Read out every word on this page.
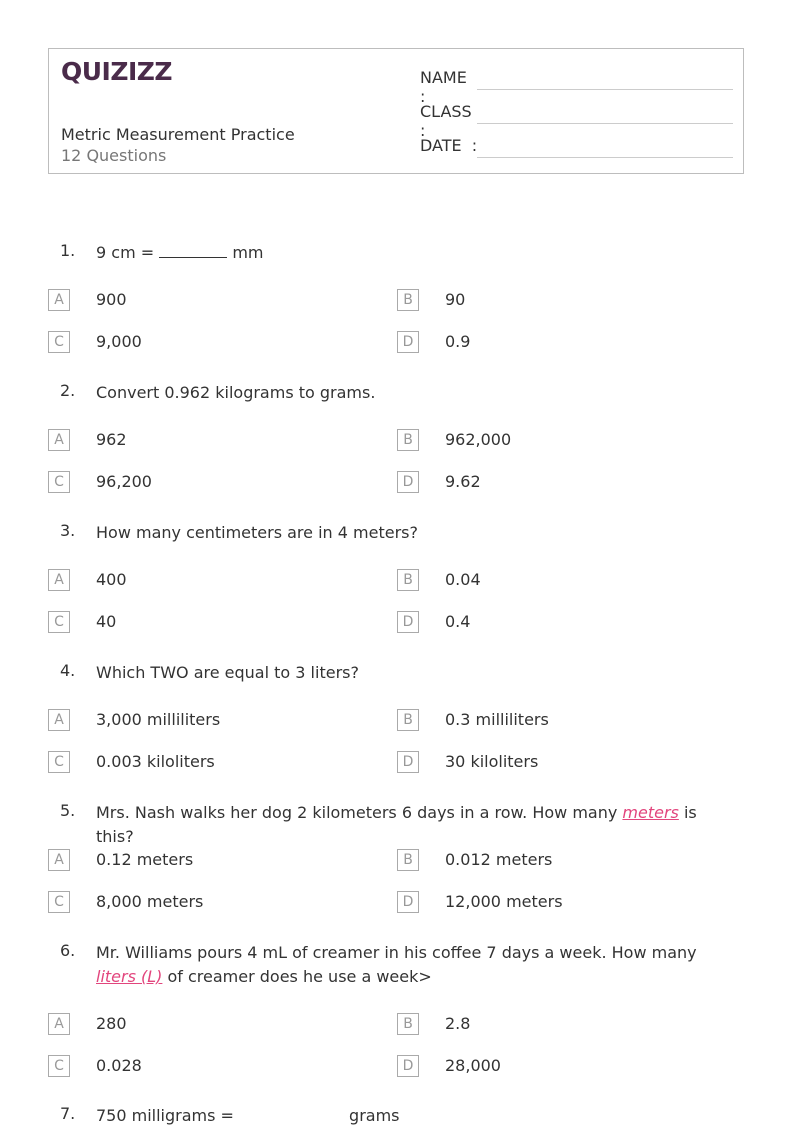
QUIZIZZ
Metric Measurement Practice
12 Questions
NAME :
CLASS :
DATE  :
1. 9 cm =	mm
A	900	B	90
C	9,000	D	0.9
2. Convert 0.962 kilograms to grams.
A	962	B	962,000
C	96,200	D	9.62
3. How many centimeters are in 4 meters?
A	400	B	0.04
C	40	D	0.4
4. Which TWO are equal to 3 liters?
A	3,000 milliliters	B	0.3 milliliters
C	0.003 kiloliters	D	30 kiloliters
5. Mrs. Nash walks her dog 2 kilometers 6 days in a row. How many meters is this?
A	0.12 meters	B	0.012 meters
C	8,000 meters	D	12,000 meters
6. Mr. Williams pours 4 mL of creamer in his coffee 7 days a week. How many liters (L) of creamer does he use a week>
A	280	B	2.8
C	0.028	D	28,000
7. 750 milligrams =	grams
